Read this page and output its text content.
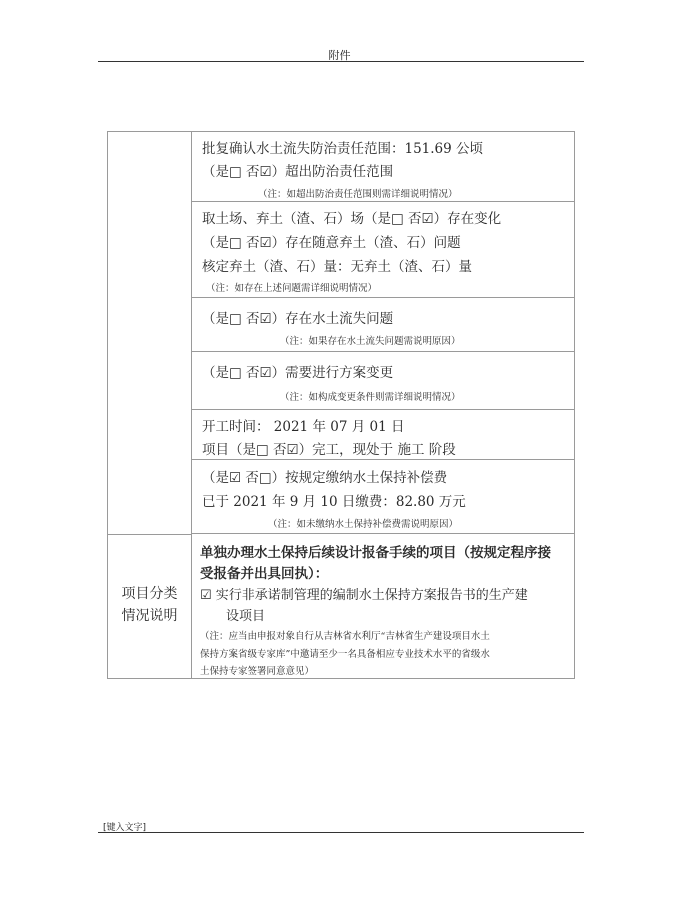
附件
项目分类
情况说明
批复确认水土流失防治责任范围：151.69 公顷
（是□ 否☑）超出防治责任范围
（注：如超出防治责任范围则需详细说明情况）
取土场、弃土（渣、石）场（是□ 否☑）存在变化
（是□ 否☑）存在随意弃土（渣、石）问题
核定弃土（渣、石）量：无弃土（渣、石）量
（注：如存在上述问题需详细说明情况）
（是□ 否☑）存在水土流失问题
（注：如果存在水土流失问题需说明原因）
（是□ 否☑）需要进行方案变更
（注：如构成变更条件则需详细说明情况）
开工时间： 2021 年 07 月 01 日
项目（是□ 否☑）完工，现处于 施工 阶段
（是☑ 否□）按规定缴纳水土保持补偿费
已于 2021 年 9 月 10 日缴费：82.80 万元
（注：如未缴纳水土保持补偿费需说明原因）
单独办理水土保持后续设计报备手续的项目（按规定程序接
受报备并出具回执）：
☑ 实行非承诺制管理的编制水土保持方案报告书的生产建
设项目
（注：应当由申报对象自行从吉林省水利厅“吉林省生产建设项目水土
保持方案省级专家库”中邀请至少一名具备相应专业技术水平的省级水
土保持专家签署同意意见）
[键入文字]
